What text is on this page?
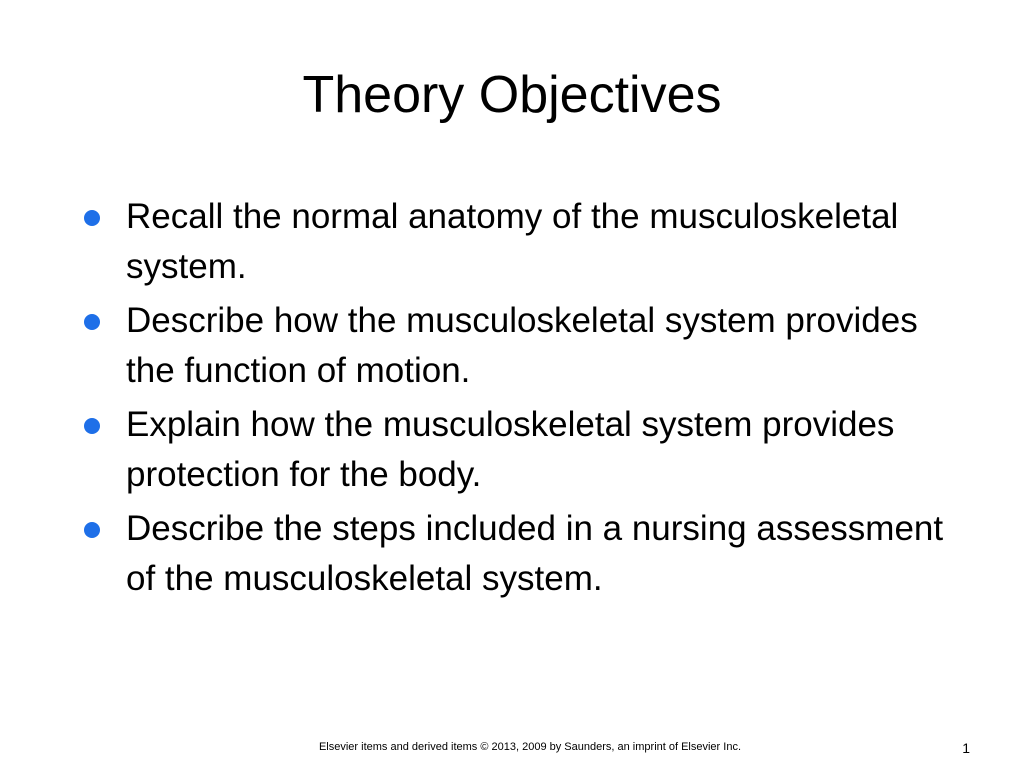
Theory Objectives
Recall the normal anatomy of the musculoskeletal system.
Describe how the musculoskeletal system provides the function of motion.
Explain how the musculoskeletal system provides protection for the body.
Describe the steps included in a nursing assessment of the musculoskeletal system.
Elsevier items and derived items © 2013, 2009 by Saunders, an imprint of Elsevier Inc.	1
